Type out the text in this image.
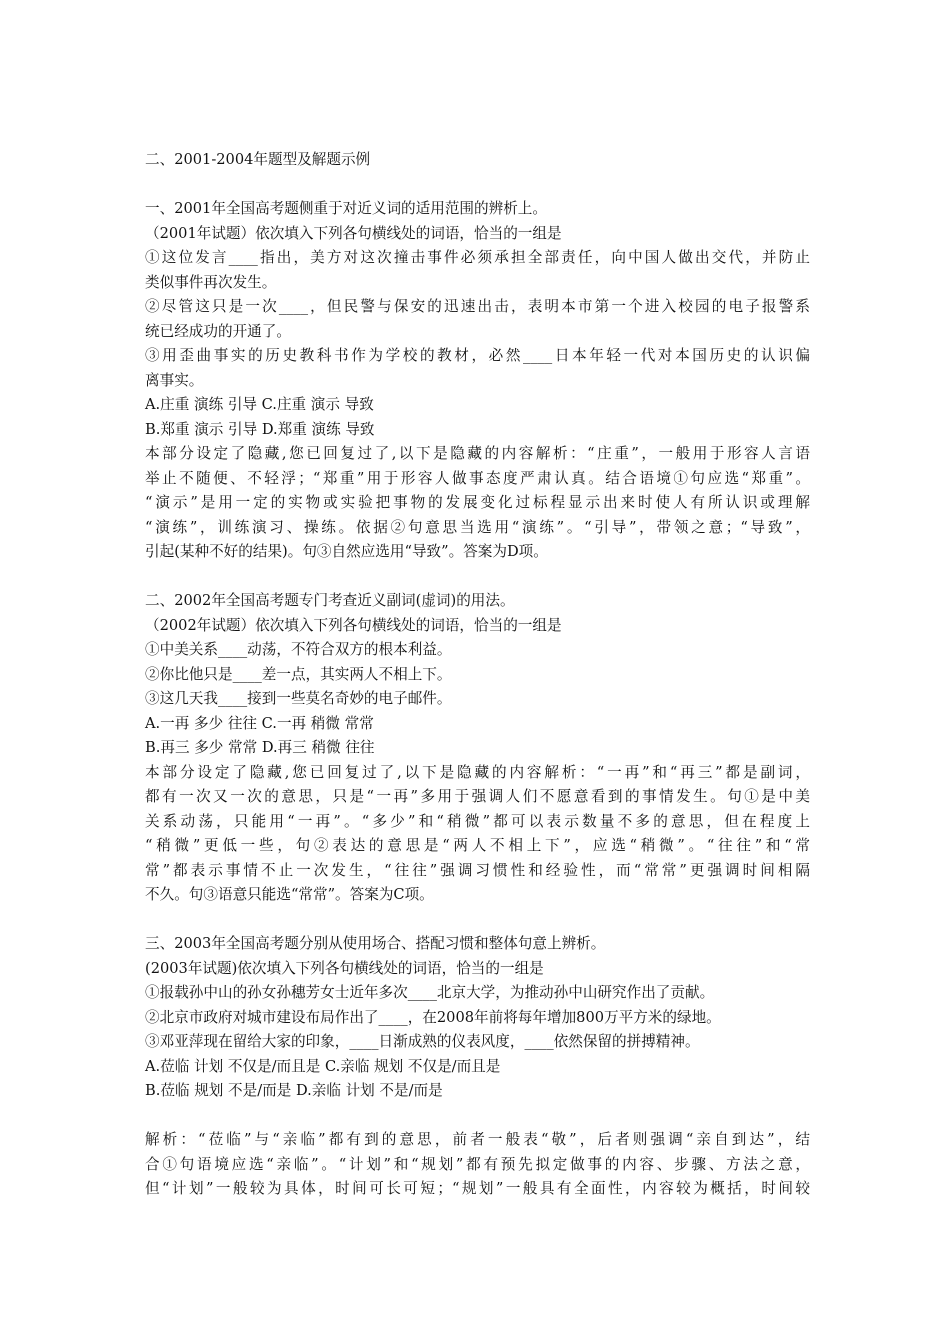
二、2001-2004年题型及解题示例
一、2001年全国高考题侧重于对近义词的适用范围的辨析上。
（2001年试题）依次填入下列各句横线处的词语，恰当的一组是
①这位发言____指出，美方对这次撞击事件必须承担全部责任，向中国人做出交代，并防止
类似事件再次发生。
②尽管这只是一次____，但民警与保安的迅速出击，表明本市第一个进入校园的电子报警系
统已经成功的开通了。
③用歪曲事实的历史教科书作为学校的教材，必然____日本年轻一代对本国历史的认识偏
离事实。
A.庄重 演练 引导 C.庄重 演示 导致
B.郑重 演示 引导 D.郑重 演练 导致
本部分设定了隐藏,您已回复过了,以下是隐藏的内容解析：“庄重”，一般用于形容人言语
举止不随便、不轻浮；“郑重”用于形容人做事态度严肃认真。结合语境①句应选“郑重”。
“演示”是用一定的实物或实验把事物的发展变化过标程显示出来时使人有所认识或理解
“演练”，训练演习、操练。依据②句意思当选用“演练”。“引导”，带领之意；“导致”，
引起(某种不好的结果)。句③自然应选用“导致”。答案为D项。
二、2002年全国高考题专门考查近义副词(虚词)的用法。
（2002年试题）依次填入下列各句横线处的词语，恰当的一组是
①中美关系____动荡，不符合双方的根本利益。
②你比他只是____差一点，其实两人不相上下。
③这几天我____接到一些莫名奇妙的电子邮件。
A.一再 多少 往往 C.一再 稍微 常常
B.再三 多少 常常 D.再三 稍微 往往
本部分设定了隐藏,您已回复过了,以下是隐藏的内容解析：“一再”和“再三”都是副词，
都有一次又一次的意思，只是“一再”多用于强调人们不愿意看到的事情发生。句①是中美
关系动荡，只能用“一再”。“多少”和“稍微”都可以表示数量不多的意思，但在程度上
“稍微”更低一些，句②表达的意思是“两人不相上下”，应选“稍微”。“往往”和“常
常”都表示事情不止一次发生，“往往”强调习惯性和经验性，而“常常”更强调时间相隔
不久。句③语意只能选“常常”。答案为C项。
三、2003年全国高考题分别从使用场合、搭配习惯和整体句意上辨析。
(2003年试题)依次填入下列各句横线处的词语，恰当的一组是
①报载孙中山的孙女孙穗芳女士近年多次____北京大学，为推动孙中山研究作出了贡献。
②北京市政府对城市建设布局作出了____，在2008年前将每年增加800万平方米的绿地。
③邓亚萍现在留给大家的印象，____日渐成熟的仪表风度，____依然保留的拼搏精神。
A.莅临 计划 不仅是/而且是 C.亲临 规划 不仅是/而且是
B.莅临 规划 不是/而是 D.亲临 计划 不是/而是
解析：“莅临”与“亲临”都有到的意思，前者一般表“敬”，后者则强调“亲自到达”，结
合①句语境应选“亲临”。“计划”和“规划”都有预先拟定做事的内容、步骤、方法之意，
但“计划”一般较为具体，时间可长可短；“规划”一般具有全面性，内容较为概括，时间较
